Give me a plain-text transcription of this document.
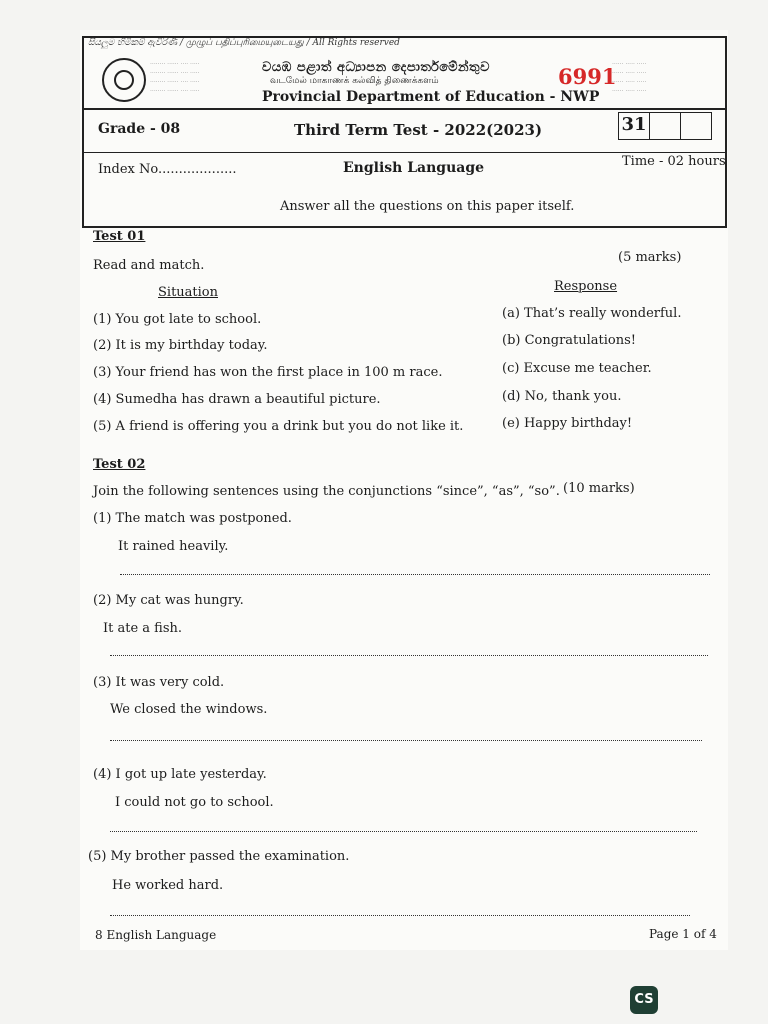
සියලුම හිමිකම් ඇවිරිණි / முழுப் பதிப்புரிமையுடையது / All Rights reserved
········ ······ ···· ·····
········ ······ ···· ·····
········ ······ ···· ·····
········ ······ ···· ·····
······ ····· ·····
······ ····· ·····
······ ····· ·····
······ ····· ·····
වයඹ පළාත් අධ්‍යාපන දෙපාර්තමේන්තුව
வடமேல் மாகாணக் கல்வித் திணைக்களம்
Provincial Department of Education - NWP
6991
Grade - 08	Third Term Test - 2022(2023)	31
Index No...................	English Language	Time - 02 hours
Answer all the questions on this paper itself.
Test 01
Read and match.
(5 marks)
Situation	Response
(1) You got late to school.
(2) It is my birthday today.
(3) Your friend has won the first place in 100 m race.
(4) Sumedha has drawn a beautiful picture.
(5) A friend is offering you a drink but you do not like it.
(a) That’s really wonderful.
(b) Congratulations!
(c) Excuse me teacher.
(d) No, thank you.
(e) Happy birthday!
Test 02
Join the following sentences using the conjunctions “since”, “as”, “so”. (10 marks)
(1) The match was postponed.
It rained heavily.
(2) My cat was hungry.
It ate a fish.
(3) It was very cold.
We closed the windows.
(4) I got up late yesterday.
I could not go to school.
(5) My brother passed the examination.
He worked hard.
8 English Language	Page 1 of 4
CS
